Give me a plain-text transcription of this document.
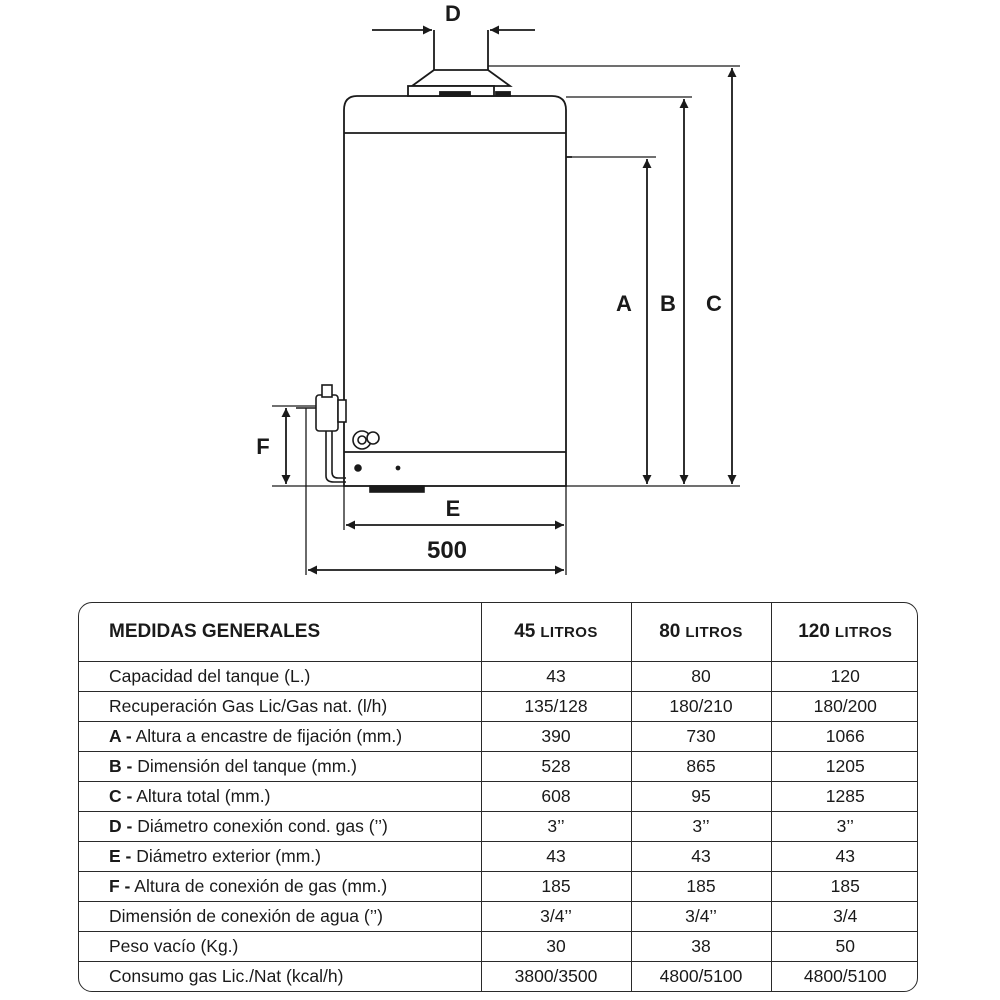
D
A B C
F
E
500
MEDIDAS GENERALES	45 LITROS	80 LITROS	120 LITROS
Capacidad del tanque (L.)	43	80	120
Recuperación Gas Lic/Gas nat. (l/h)	135/128	180/210	180/200
A - Altura a encastre de fijación (mm.)	390	730	1066
B - Dimensión del tanque (mm.)	528	865	1205
C - Altura total (mm.)	608	95	1285
D - Diámetro conexión cond. gas (’’)	3’’	3’’	3’’
E - Diámetro exterior (mm.)	43	43	43
F - Altura de conexión de gas (mm.)	185	185	185
Dimensión de conexión de agua (’’)	3/4’’	3/4’’	3/4
Peso vacío (Kg.)	30	38	50
Consumo gas Lic./Nat (kcal/h)	3800/3500	4800/5100	4800/5100
